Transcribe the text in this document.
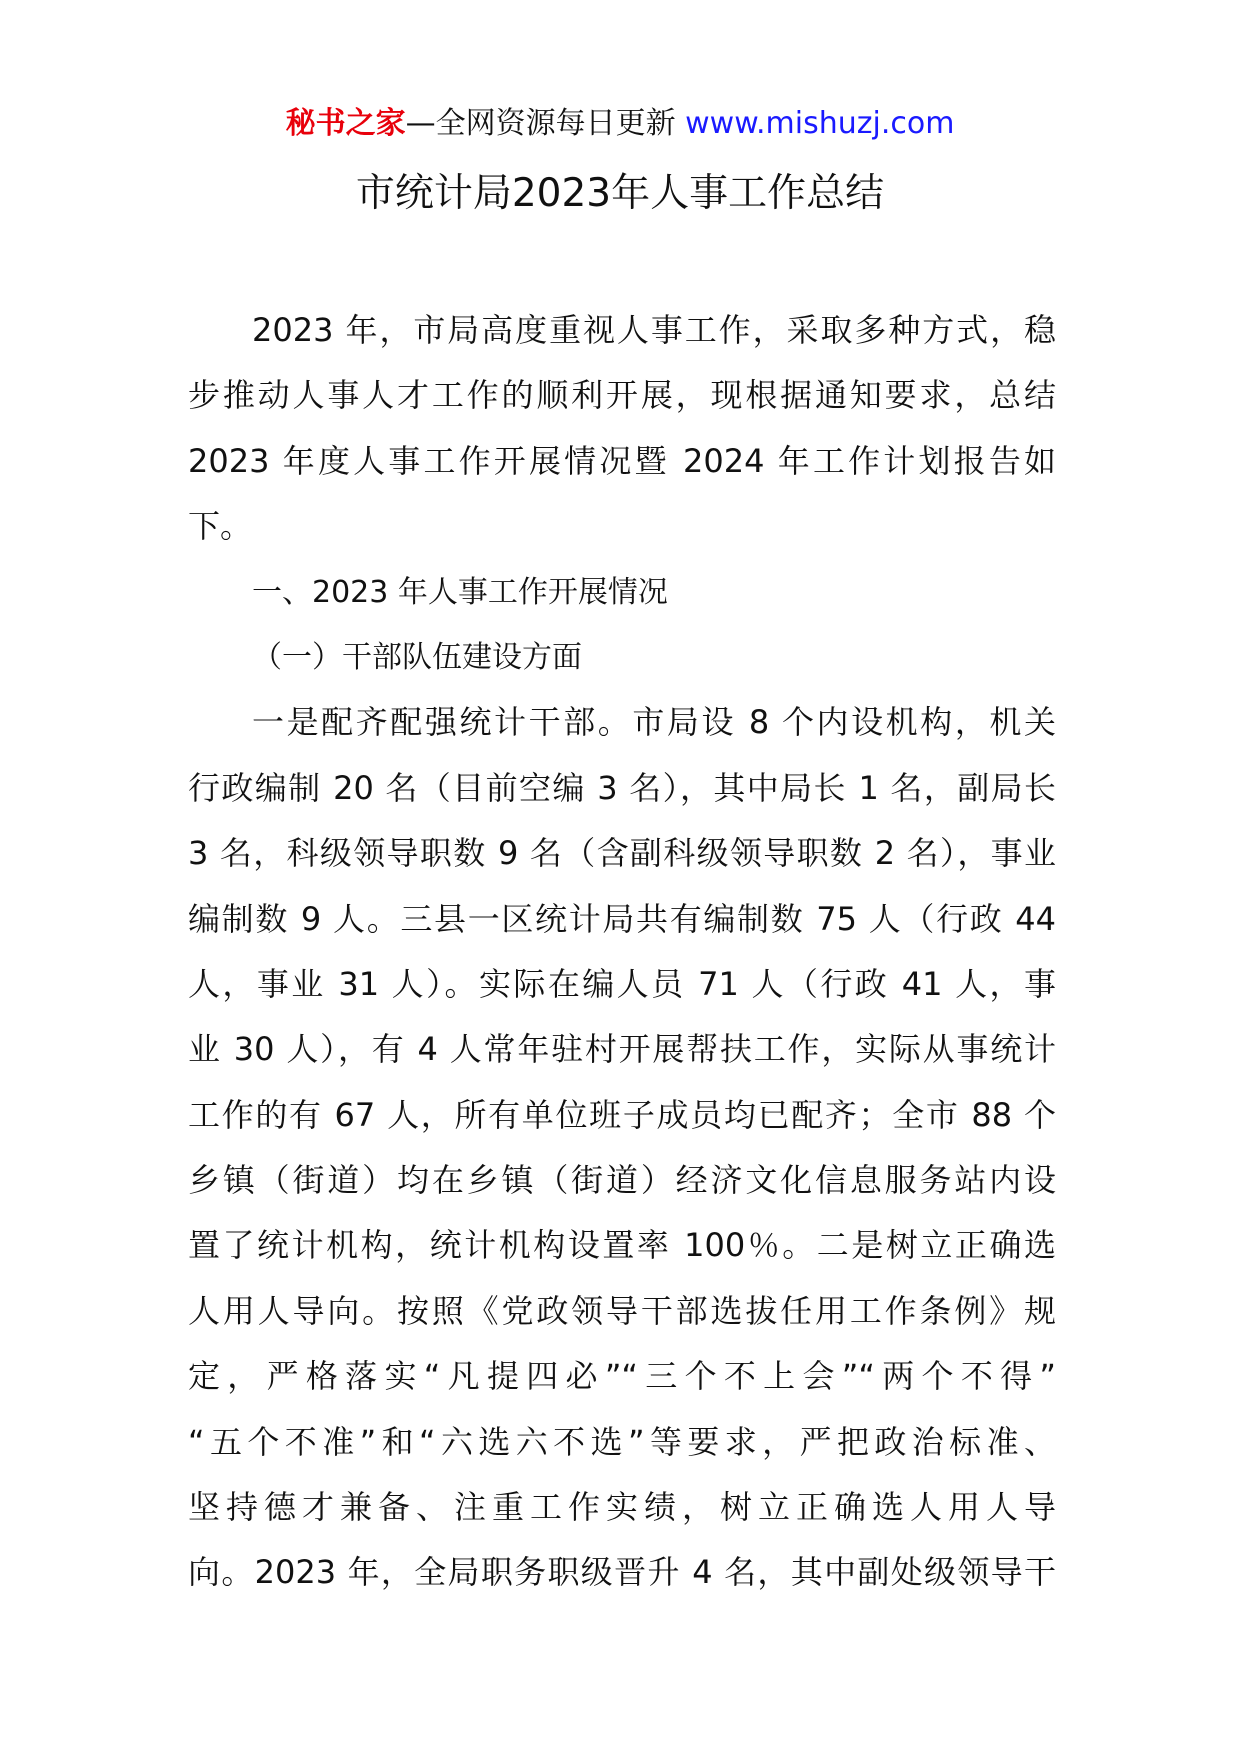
秘书之家—全网资源每日更新 www.mishuzj.com
市统计局2023年人事工作总结
2023 年，市局高度重视人事工作，采取多种方式，稳
步推动人事人才工作的顺利开展，现根据通知要求，总结
2023 年度人事工作开展情况暨 2024 年工作计划报告如
下。
一、2023 年人事工作开展情况
（一）干部队伍建设方面
一是配齐配强统计干部。市局设 8 个内设机构，机关
行政编制 20 名（目前空编 3 名），其中局长 1 名，副局长
3 名，科级领导职数 9 名（含副科级领导职数 2 名），事业
编制数 9 人。三县一区统计局共有编制数 75 人（行政 44
人，事业 31 人）。实际在编人员 71 人（行政 41 人，事
业 30 人），有 4 人常年驻村开展帮扶工作，实际从事统计
工作的有 67 人，所有单位班子成员均已配齐；全市 88 个
乡镇（街道）均在乡镇（街道）经济文化信息服务站内设
置了统计机构，统计机构设置率 100％。二是树立正确选
人用人导向。按照《党政领导干部选拔任用工作条例》规
定，严格落实“凡提四必”“三个不上会”“两个不得”
“五个不准”和“六选六不选”等要求，严把政治标准、
坚持德才兼备、注重工作实绩，树立正确选人用人导
向。2023 年，全局职务职级晋升 4 名，其中副处级领导干
